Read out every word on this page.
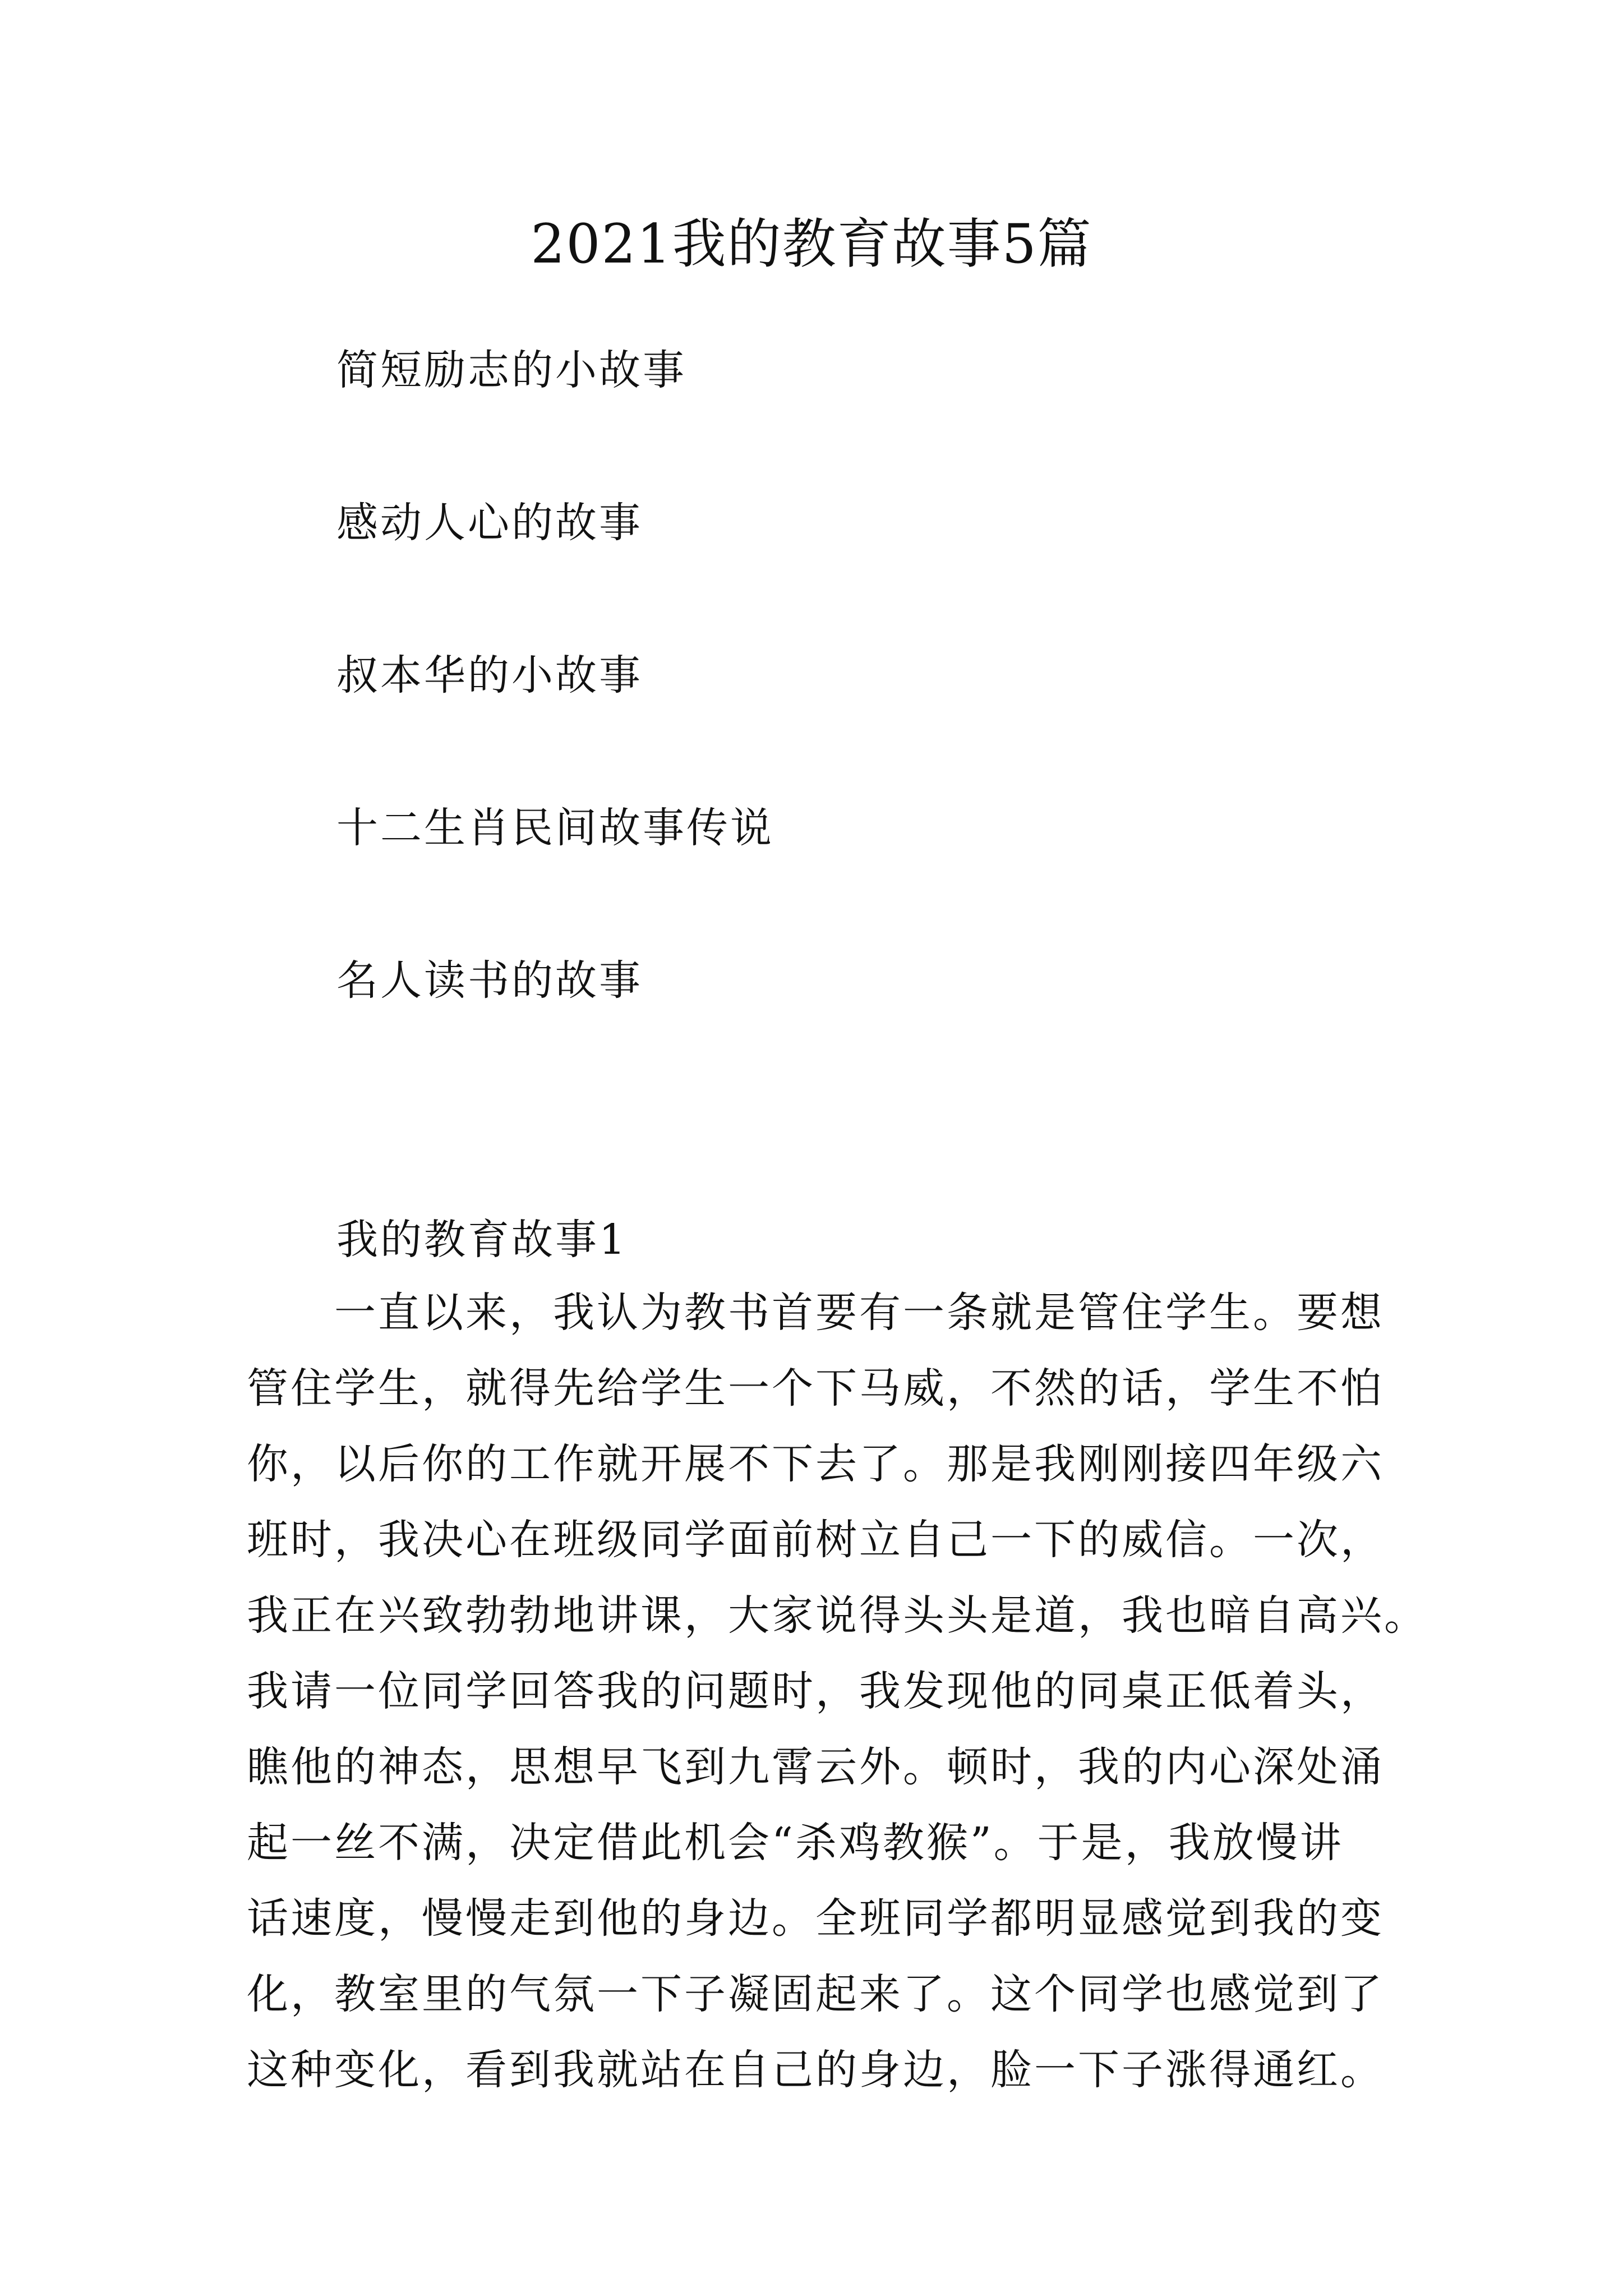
2021我的教育故事5篇
简短励志的小故事
感动人心的故事
叔本华的小故事
十二生肖民间故事传说
名人读书的故事
我的教育故事1
　　一直以来，我认为教书首要有一条就是管住学生。要想
管住学生，就得先给学生一个下马威，不然的话，学生不怕
你，以后你的工作就开展不下去了。那是我刚刚接四年级六
班时，我决心在班级同学面前树立自己一下的威信。一次，
我正在兴致勃勃地讲课，大家说得头头是道，我也暗自高兴。
我请一位同学回答我的问题时，我发现他的同桌正低着头，
瞧他的神态，思想早飞到九霄云外。顿时，我的内心深处涌
起一丝不满，决定借此机会“杀鸡教猴”。于是，我放慢讲
话速度，慢慢走到他的身边。全班同学都明显感觉到我的变
化，教室里的气氛一下子凝固起来了。这个同学也感觉到了
这种变化，看到我就站在自己的身边，脸一下子涨得通红。
